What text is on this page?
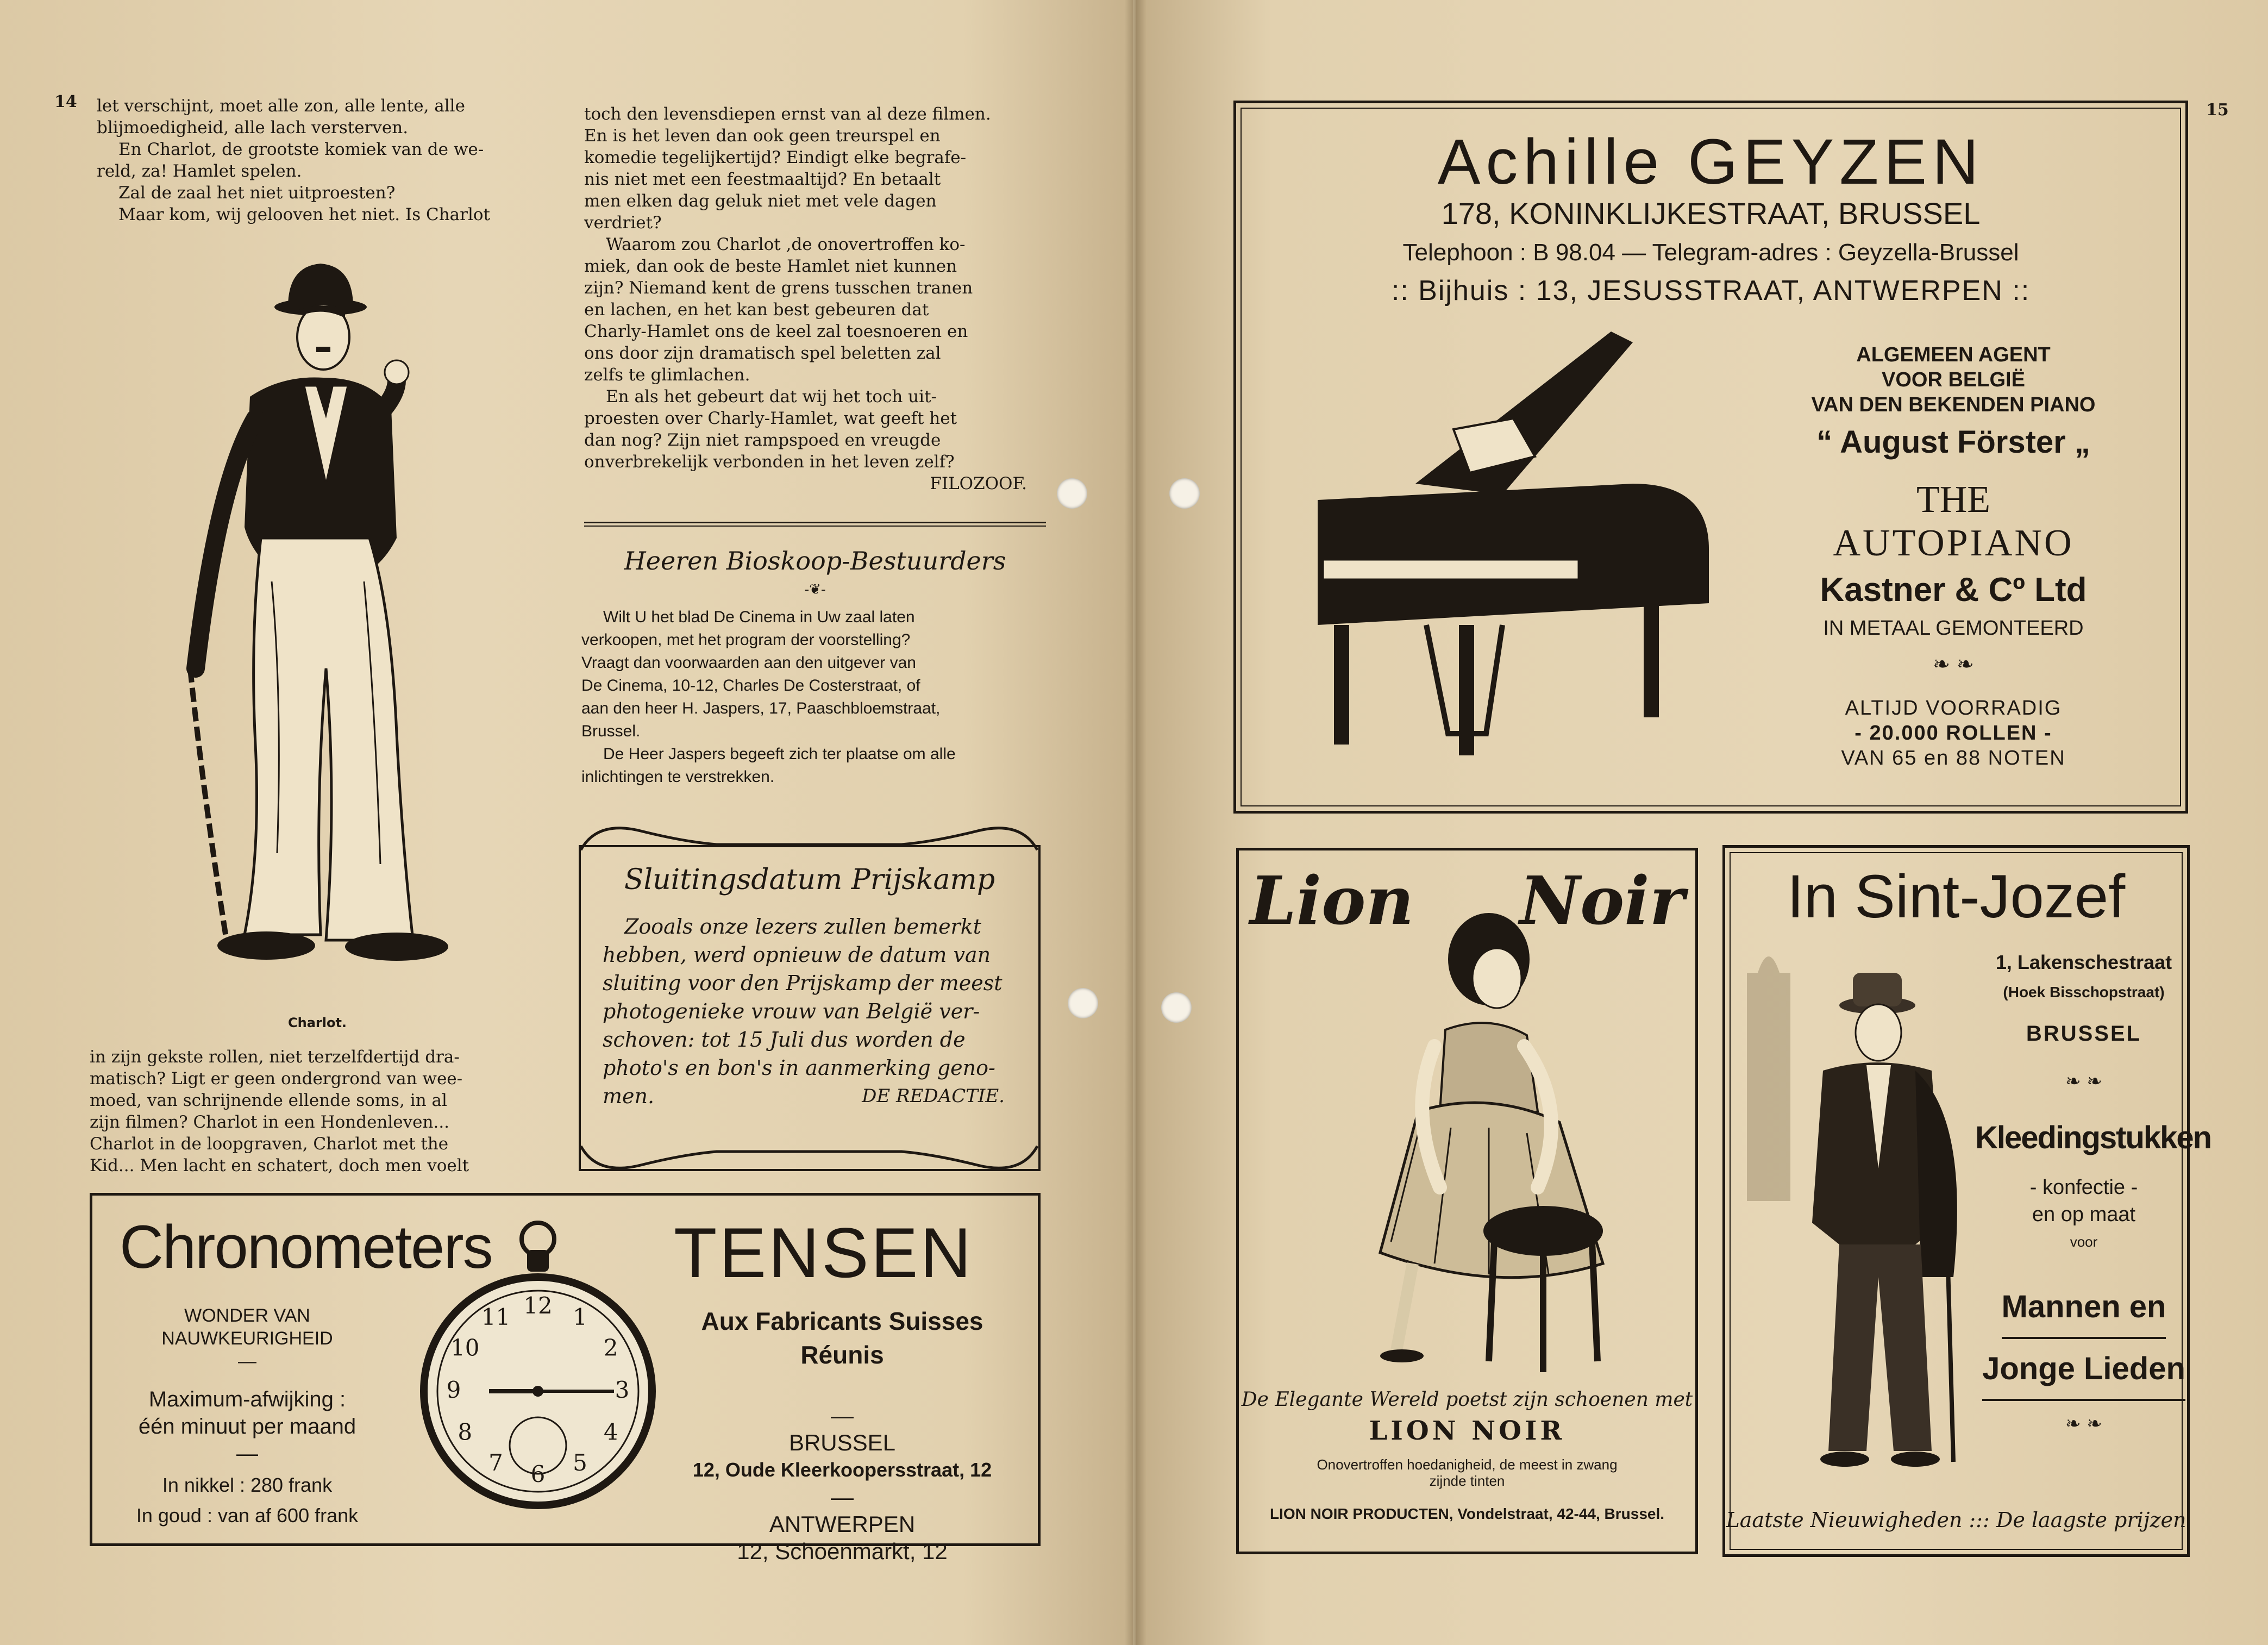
14 let verschijnt, moet alle zon, alle lente, alle

blijmoedigheid, alle lach versterven.

En Charlot, de grootste komiek van de we-

reld, za! Hamlet spelen.

Zal de zaal het niet uitproesten?

Maar kom, wij gelooven het niet. Is Charlot

Charlot.

in zijn gekste rollen, niet terzelfdertijd dra-

matisch? Ligt er geen ondergrond van wee-

moed, van schrijnende ellende soms, in al

zijn filmen? Charlot in een Hondenleven...

Charlot in de loopgraven, Charlot met the

Kid... Men lacht en schatert, doch men voelt

toch den levensdiepen ernst van al deze filmen.

En is het leven dan ook geen treurspel en

komedie tegelijkertijd? Eindigt elke begrafe-

nis niet met een feestmaaltijd? En betaalt

men elken dag geluk niet met vele dagen

verdriet?

Waarom zou Charlot ,de onovertroffen ko-

miek, dan ook de beste Hamlet niet kunnen

zijn? Niemand kent de grens tusschen tranen

en lachen, en het kan best gebeuren dat

Charly-Hamlet ons de keel zal toesnoeren en

ons door zijn dramatisch spel beletten zal

zelfs te glimlachen.

En als het gebeurt dat wij het toch uit-

proesten over Charly-Hamlet, wat geeft het

dan nog? Zijn niet rampspoed en vreugde

onverbrekelijk verbonden in het leven zelf?

FILOZOOF.

Heeren Bioskoop-Bestuurders
-❦-

Wilt U het blad De Cinema in Uw zaal laten

verkoopen, met het program der voorstelling?

Vraagt dan voorwaarden aan den uitgever van

De Cinema, 10-12, Charles De Costerstraat, of

aan den heer H. Jaspers, 17, Paaschbloemstraat,

Brussel.

De Heer Jaspers begeeft zich ter plaatse om alle

inlichtingen te verstrekken.

Sluitingsdatum Prijskamp

Zooals onze lezers zullen bemerkt

hebben, werd opnieuw de datum van

sluiting voor den Prijskamp der meest

photogenieke vrouw van België ver-

schoven: tot 15 Juli dus worden de

photo's en bon's in aanmerking geno-

men.	DE REDACTIE.

Chronometers
WONDER VAN
NAUWKEURIGHEID
—
Maximum-afwijking :
één minuut per maand
—
In nikkel : 280 frank
In goud : van af 600 frank
12 1
2
3
4
5
6
7
8
9
10
11
TENSEN
Aux Fabricants Suisses
Réunis
—
BRUSSEL
12, Oude Kleerkoopersstraat, 12
—
ANTWERPEN
12, Schoenmarkt, 12
15
Achille GEYZEN
178, KONINKLIJKESTRAAT, BRUSSEL
Telephoon : B 98.04 — Telegram-adres : Geyzella-Brussel
:: Bijhuis : 13, JESUSSTRAAT, ANTWERPEN ::
ALGEMEEN AGENT
VOOR BELGIË
VAN DEN BEKENDEN PIANO
“ August Förster „
THE
AUTOPIANO
Kastner & Cº Ltd
IN METAAL GEMONTEERD
❧ ❧
ALTIJD VOORRADIG
- 20.000 ROLLEN -
VAN 65 en 88 NOTEN
Lion Noir
De Elegante Wereld poetst zijn schoenen met
LION NOIR
Onovertroffen hoedanigheid, de meest in zwang
zijnde tinten
LION NOIR PRODUCTEN, Vondelstraat, 42-44, Brussel.
In Sint-Jozef
1, Lakenschestraat
(Hoek Bisschopstraat)
BRUSSEL
❧ ❧
Kleedingstukken
- konfectie -
en op maat
voor
Mannen en
Jonge Lieden
❧ ❧
Laatste Nieuwigheden ::: De laagste prijzen
